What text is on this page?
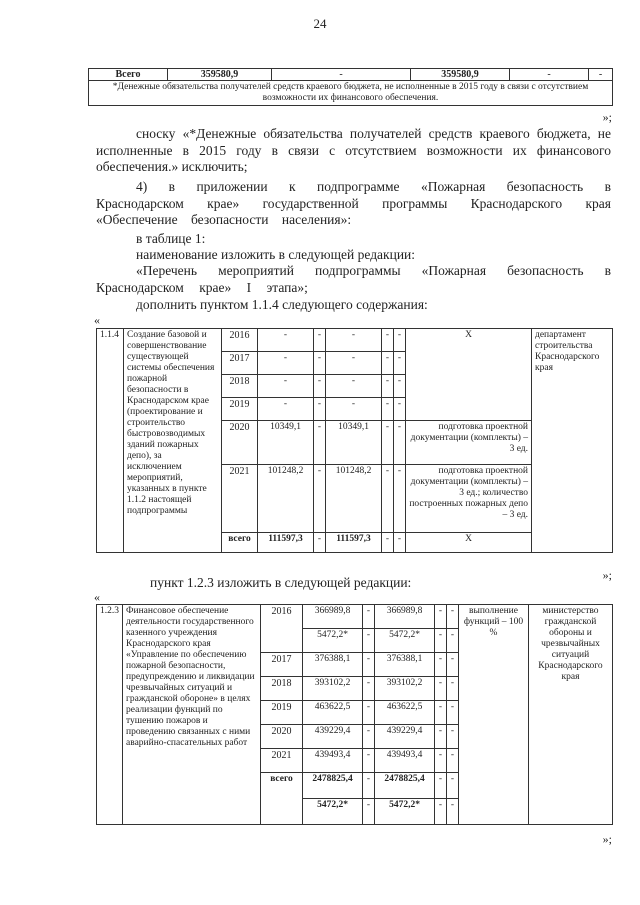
24
Всего	359580,9	-	359580,9	-	-
*Денежные обязательства получателей средств краевого бюджета, не исполненные в 2015 году в связи с отсутствием возможности их финансового обеспечения.
»;
сноску «*Денежные обязательства получателей средств краевого бюджета, не исполненные в 2015 году в связи с отсутствием возможности их финансового обеспечения.» исключить;
4) в приложении к подпрограмме «Пожарная безопасность в Краснодарском крае» государственной программы Краснодарского края «Обеспечение безопасности населения»:
в таблице 1:
наименование изложить в следующей редакции:
«Перечень мероприятий подпрограммы «Пожарная безопасность в Краснодарском крае» I этапа»;
дополнить пунктом 1.1.4 следующего содержания:
«
1.1.4	Создание базовой и совершенствование существующей системы обеспечения пожарной безопасности в Краснодарском крае (проектирование и строительство быстровозводимых зданий пожарных депо), за исключением мероприятий, указанных в пункте 1.1.2 настоящей подпрограммы	2016	-	-	-	-	-	X	департамент строительства Краснодарского края
		2017	-	-	-	-	-		
		2018	-	-	-	-	-		
		2019	-	-	-	-	-		
		2020	10349,1	-	10349,1	-	-	подготовка проектной документации (комплекты) – 3 ед.	
		2021	101248,2	-	101248,2	-	-	подготовка проектной документации (комплекты) – 3 ед.; количество построенных пожарных депо – 3 ед.	
		всего	111597,3	-	111597,3	-	-	X	
»;
пункт 1.2.3 изложить в следующей редакции:
«
1.2.3	Финансовое обеспечение деятельности государственного казенного учреждения Краснодарского края «Управление по обеспечению пожарной безопасности, предупреждению и ликвидации чрезвычайных ситуаций и гражданской обороне» в целях реализации функций по тушению пожаров и проведению связанных с ними аварийно-спасательных работ	2016	366989,8	-	366989,8	-	-	выполнение функций – 100 %	министерство гражданской обороны и чрезвычайных ситуаций Краснодарского края
			5472,2*	-	5472,2*	-	-		
		2017	376388,1	-	376388,1	-	-		
		2018	393102,2	-	393102,2	-	-		
		2019	463622,5	-	463622,5	-	-		
		2020	439229,4	-	439229,4	-	-		
		2021	439493,4	-	439493,4	-	-		
		всего	2478825,4	-	2478825,4	-	-		
			5472,2*	-	5472,2*	-	-		
»;
